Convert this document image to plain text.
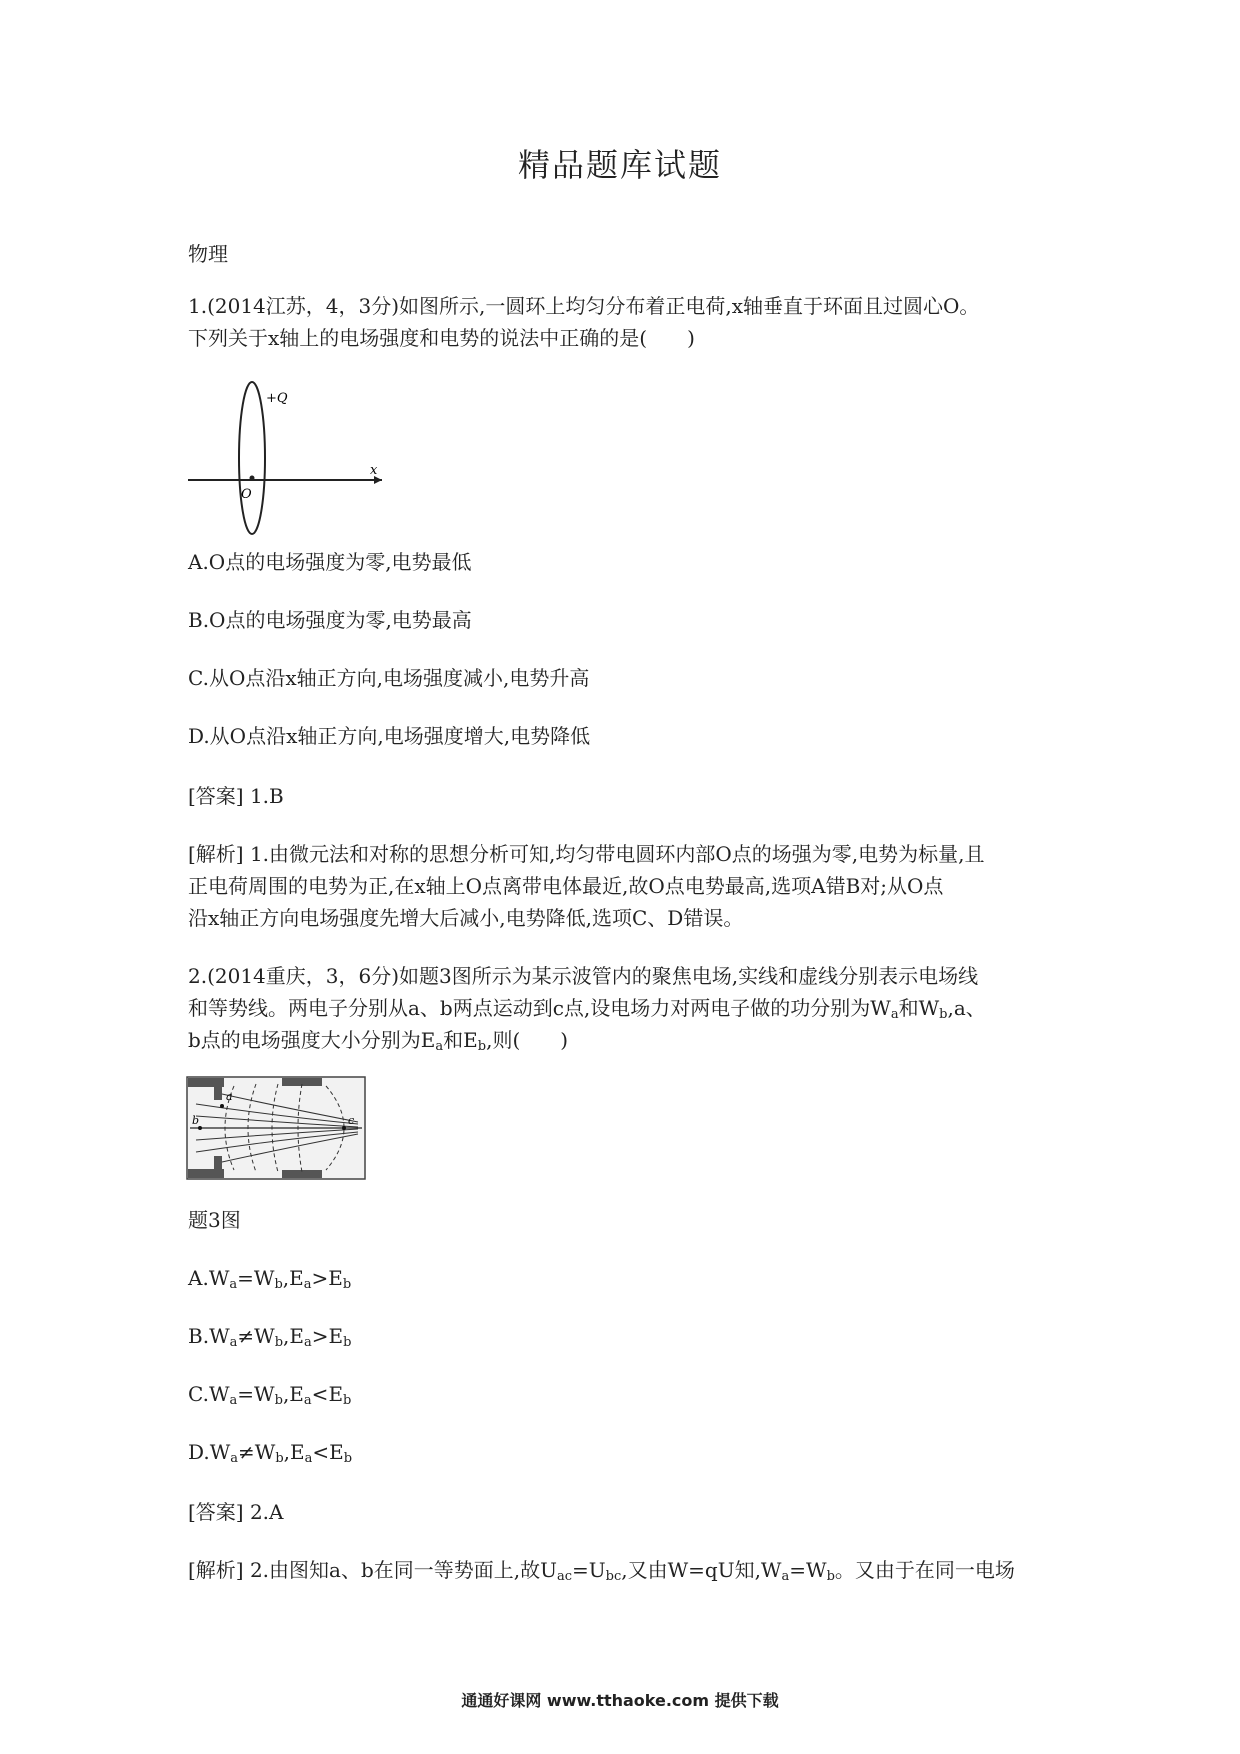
精品题库试题
物理
1.(2014江苏，4，3分)如图所示,一圆环上均匀分布着正电荷,x轴垂直于环面且过圆心O。
下列关于x轴上的电场强度和电势的说法中正确的是(　　)
+Q
x
O
A.O点的电场强度为零,电势最低
B.O点的电场强度为零,电势最高
C.从O点沿x轴正方向,电场强度减小,电势升高
D.从O点沿x轴正方向,电场强度增大,电势降低
[答案] 1.B
[解析] 1.由微元法和对称的思想分析可知,均匀带电圆环内部O点的场强为零,电势为标量,且
正电荷周围的电势为正,在x轴上O点离带电体最近,故O点电势最高,选项A错B对;从O点
沿x轴正方向电场强度先增大后减小,电势降低,选项C、D错误。
2.(2014重庆，3，6分)如题3图所示为某示波管内的聚焦电场,实线和虚线分别表示电场线
和等势线。两电子分别从a、b两点运动到c点,设电场力对两电子做的功分别为$W_a$和$W_b,a$、
b点的电场强度大小分别为$E_a$和$E_b$,则(　　)
a
b	c
题3图
$A.W_a=W_b,E_a>E_b$
$B.W_a\ne W_b,E_a>E_b$
$C.W_a=W_b,E_a<E_b$
$D.W_a\ne W_b,E_a<E_b$
[答案] 2.A
[解析] 2.由图知a、b在同一等势面上,故$U_{ac}=U_{bc}$,又由W=qU知$,W_a=W_b$。又由于在同一电场
通通好课网 www.tthaoke.com 提供下载
